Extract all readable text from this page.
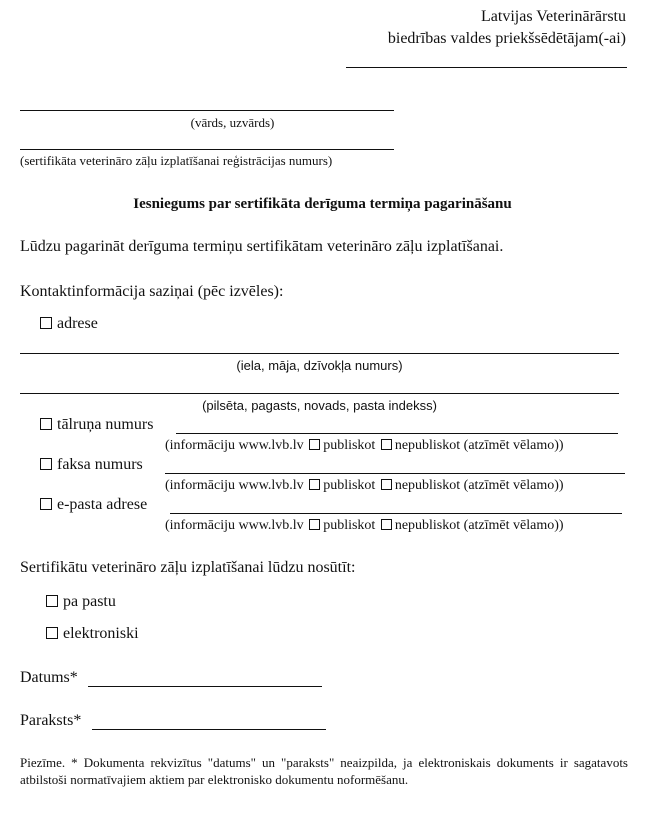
Latvijas Veterinārārstu
biedrības valdes priekšsēdētājam(-ai)
(vārds, uzvārds)
(sertifikāta veterināro zāļu izplatīšanai reģistrācijas numurs)
Iesniegums par sertifikāta derīguma termiņa pagarināšanu
Lūdzu pagarināt derīguma termiņu sertifikātam veterināro zāļu izplatīšanai.
Kontaktinformācija saziņai (pēc izvēles):
adrese
(iela, māja, dzīvokļa numurs)
(pilsēta, pagasts, novads, pasta indekss)
tālruņa numurs
(informāciju www.lvb.lv publiskot nepubliskot (atzīmēt vēlamo))
faksa numurs
(informāciju www.lvb.lv publiskot nepubliskot (atzīmēt vēlamo))
e-pasta adrese
(informāciju www.lvb.lv publiskot nepubliskot (atzīmēt vēlamo))
Sertifikātu veterināro zāļu izplatīšanai lūdzu nosūtīt:
pa pastu
elektroniski
Datums*
Paraksts*
Piezīme. * Dokumenta rekvizītus "datums" un "paraksts" neaizpilda, ja elektroniskais dokuments ir sagatavots atbilstoši normatīvajiem aktiem par elektronisko dokumentu noformēšanu.
